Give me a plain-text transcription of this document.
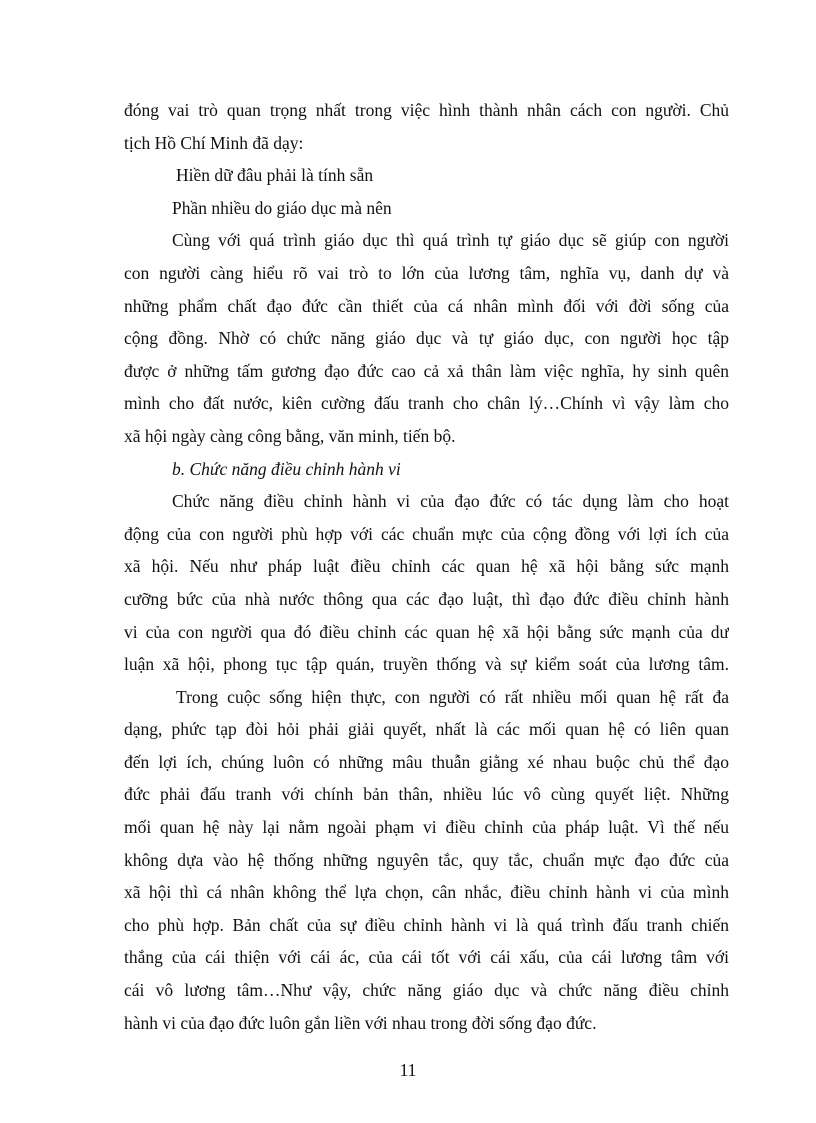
đóng vai trò quan trọng nhất trong việc hình thành nhân cách con người. Chủ
tịch Hồ Chí Minh đã dạy:
Hiền dữ đâu phải là tính sẵn
Phần nhiều do giáo dục mà nên
Cùng với quá trình giáo dục thì quá trình tự giáo dục sẽ giúp con người
con người càng hiểu rõ vai trò to lớn của lương tâm, nghĩa vụ, danh dự và
những phẩm chất đạo đức cần thiết của cá nhân mình đối với đời sống của
cộng đồng. Nhờ có chức năng giáo dục và tự giáo dục, con người học tập
được ở những tấm gương đạo đức cao cả xả thân làm việc nghĩa, hy sinh quên
mình cho đất nước, kiên cường đấu tranh cho chân lý…Chính vì vậy làm cho
xã hội ngày càng công bằng, văn minh, tiến bộ.
b. Chức năng điều chỉnh hành vi
Chức năng điều chỉnh hành vi của đạo đức có tác dụng làm cho hoạt
động của con người phù hợp với các chuẩn mực của cộng đồng với lợi ích của
xã hội. Nếu như pháp luật điều chỉnh các quan hệ xã hội bằng sức mạnh
cưỡng bức của nhà nước thông qua các đạo luật, thì đạo đức điều chỉnh hành
vi của con người qua đó điều chỉnh các quan hệ xã hội bằng sức mạnh của dư
luận xã hội, phong tục tập quán, truyền thống và sự kiểm soát của lương tâm.
Trong cuộc sống hiện thực, con người có rất nhiều mối quan hệ rất đa
dạng, phức tạp đòi hỏi phải giải quyết, nhất là các mối quan hệ có liên quan
đến lợi ích, chúng luôn có những mâu thuẫn giằng xé nhau buộc chủ thể đạo
đức phải đấu tranh với chính bản thân, nhiều lúc vô cùng quyết liệt. Những
mối quan hệ này lại nằm ngoài phạm vi điều chỉnh của pháp luật. Vì thế nếu
không dựa vào hệ thống những nguyên tắc, quy tắc, chuẩn mực đạo đức của
xã hội thì cá nhân không thể lựa chọn, cân nhắc, điều chỉnh hành vi của mình
cho phù hợp. Bản chất của sự điều chỉnh hành vi là quá trình đấu tranh chiến
thắng của cái thiện với cái ác, của cái tốt với cái xấu, của cái lương tâm với
cái vô lương tâm…Như vậy, chức năng giáo dục và chức năng điều chỉnh
hành vi của đạo đức luôn gắn liền với nhau trong đời sống đạo đức.
11
